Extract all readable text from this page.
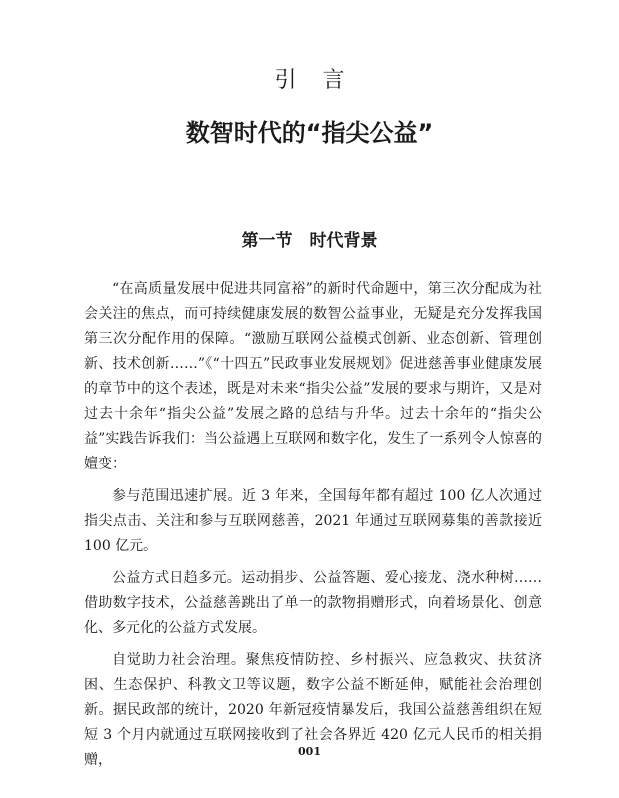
引言
数智时代的“指尖公益”
第一节　时代背景

“在高质量发展中促进共同富裕”的新时代命题中，第三次分配成为社会关注的焦点，而可持续健康发展的数智公益事业，无疑是充分发挥我国第三次分配作用的保障。“激励互联网公益模式创新、业态创新、管理创新、技术创新……”《“十四五”民政事业发展规划》促进慈善事业健康发展的章节中的这个表述，既是对未来“指尖公益”发展的要求与期许，又是对过去十余年“指尖公益”发展之路的总结与升华。过去十余年的“指尖公益”实践告诉我们：当公益遇上互联网和数字化，发生了一系列令人惊喜的嬗变：

参与范围迅速扩展。近 3 年来，全国每年都有超过 100 亿人次通过指尖点击、关注和参与互联网慈善，2021 年通过互联网募集的善款接近 100 亿元。

公益方式日趋多元。运动捐步、公益答题、爱心接龙、浇水种树……借助数字技术，公益慈善跳出了单一的款物捐赠形式，向着场景化、创意化、多元化的公益方式发展。

自觉助力社会治理。聚焦疫情防控、乡村振兴、应急救灾、扶贫济困、生态保护、科教文卫等议题，数字公益不断延伸，赋能社会治理创新。据民政部的统计，2020 年新冠疫情暴发后，我国公益慈善组织在短短 3 个月内就通过互联网接收到了社会各界近 420 亿元人民币的相关捐赠，

001
